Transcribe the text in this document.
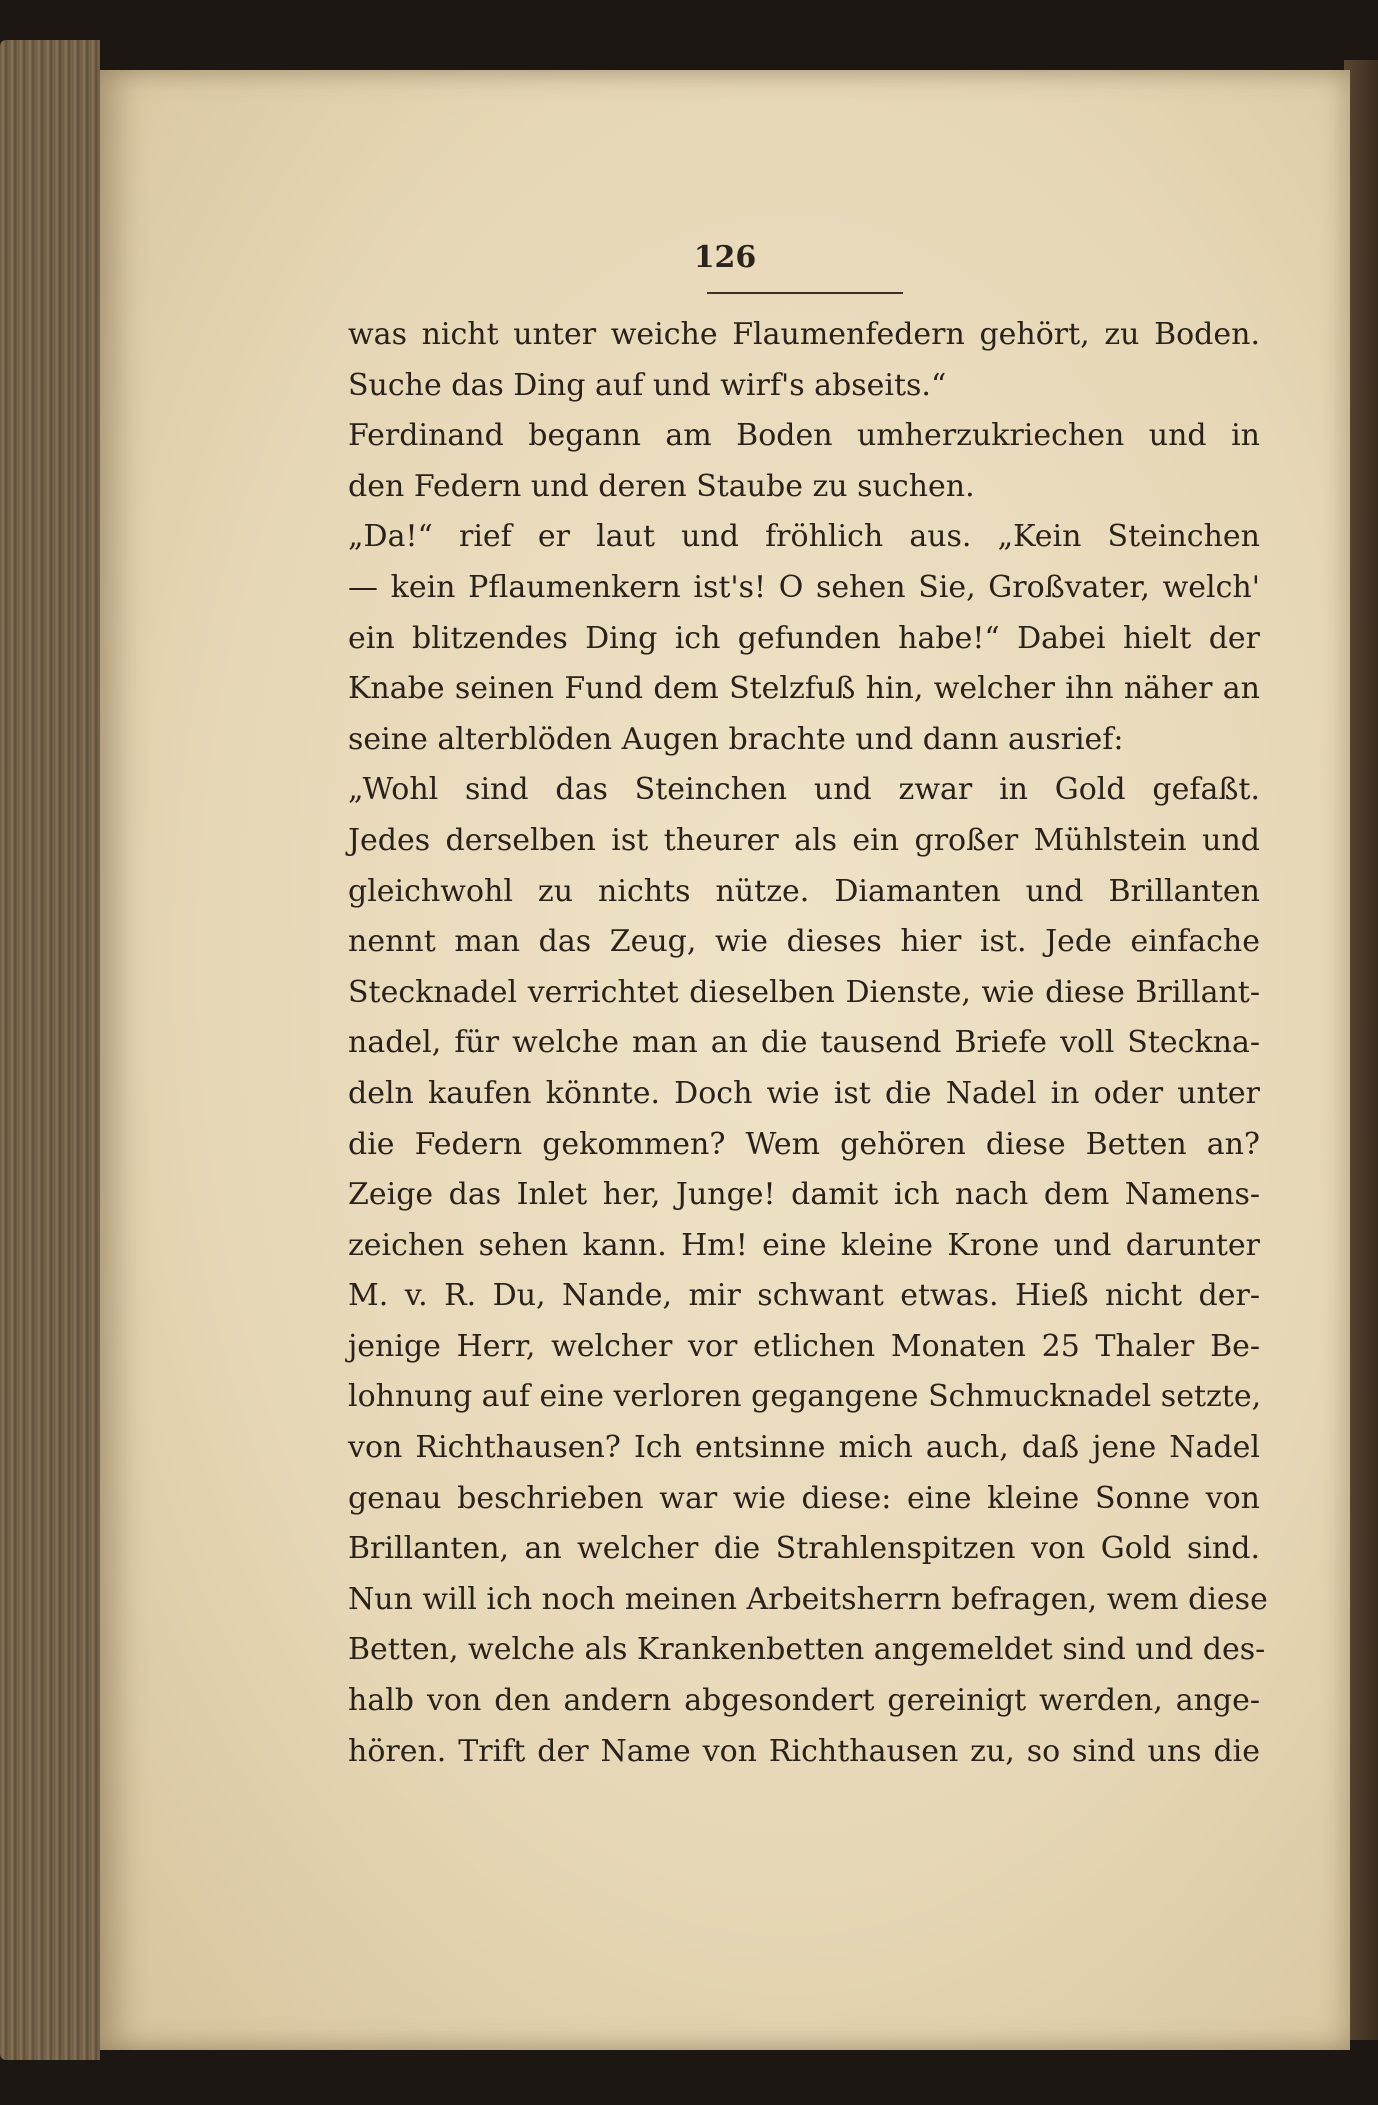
126
was nicht unter weiche Flaumenfedern gehört, zu Boden.
Suche das Ding auf und wirf's abseits.“
Ferdinand begann am Boden umherzukriechen und in
den Federn und deren Staube zu suchen.
„Da!“ rief er laut und fröhlich aus. „Kein Steinchen
— kein Pflaumenkern ist's! O sehen Sie, Großvater, welch'
ein blitzendes Ding ich gefunden habe!“ Dabei hielt der
Knabe seinen Fund dem Stelzfuß hin, welcher ihn näher an
seine alterblöden Augen brachte und dann ausrief:
„Wohl sind das Steinchen und zwar in Gold gefaßt.
Jedes derselben ist theurer als ein großer Mühlstein und
gleichwohl zu nichts nütze. Diamanten und Brillanten
nennt man das Zeug, wie dieses hier ist. Jede einfache
Stecknadel verrichtet dieselben Dienste, wie diese Brillant-
nadel, für welche man an die tausend Briefe voll Steckna-
deln kaufen könnte. Doch wie ist die Nadel in oder unter
die Federn gekommen? Wem gehören diese Betten an?
Zeige das Inlet her, Junge! damit ich nach dem Namens-
zeichen sehen kann. Hm! eine kleine Krone und darunter
M. v. R. Du, Nande, mir schwant etwas. Hieß nicht der-
jenige Herr, welcher vor etlichen Monaten 25 Thaler Be-
lohnung auf eine verloren gegangene Schmucknadel setzte,
von Richthausen? Ich entsinne mich auch, daß jene Nadel
genau beschrieben war wie diese: eine kleine Sonne von
Brillanten, an welcher die Strahlenspitzen von Gold sind.
Nun will ich noch meinen Arbeitsherrn befragen, wem diese
Betten, welche als Krankenbetten angemeldet sind und des-
halb von den andern abgesondert gereinigt werden, ange-
hören. Trift der Name von Richthausen zu, so sind uns die
